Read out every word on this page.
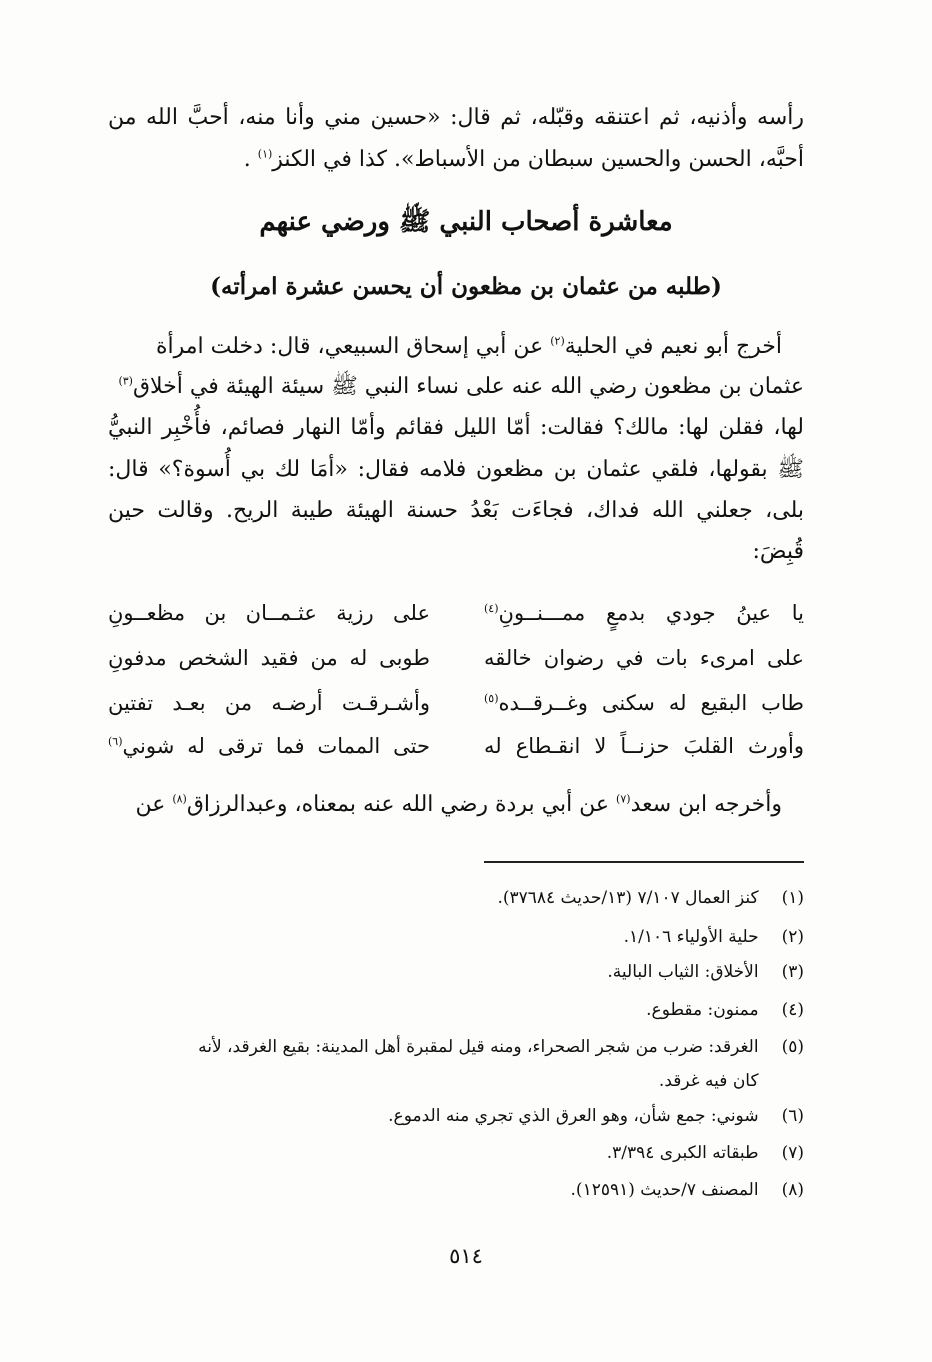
رأسه وأذنيه، ثم اعتنقه وقبّله، ثم قال: «حسين مني وأنا منه، أحبَّ الله من
أحبَّه، الحسن والحسين سبطان من الأسباط». كذا في الكنز$^{(١)}$ .
معاشرة أصحاب النبي ﷺ ورضي عنهم
(طلبه من عثمان بن مظعون أن يحسن عشرة امرأته)
أخرج أبو نعيم في الحلية$^{(٢)}$ عن أبي إسحاق السبيعي، قال: دخلت امرأة
عثمان بن مظعون رضي الله عنه على نساء النبي ﷺ سيئة الهيئة في أخلاق$^{(٣)}$
لها، فقلن لها: مالك؟ فقالت: أمّا الليل فقائم وأمّا النهار فصائم، فأُخْبِر النبيُّ
ﷺ بقولها، فلقي عثمان بن مظعون فلامه فقال: «أمَا لك بي أُسوة؟» قال:
بلى، جعلني الله فداك، فجاءَت بَعْدُ حسنة الهيئة طيبة الريح. وقالت حين
قُبِضَ:
يا عينُ جودي بدمعٍ ممـــنــونِ$^{(٤)}$
على رزية عثـمــان بن مظعــونِ
على امرىء بات في رضوان خالقه
طوبى له من فقيد الشخص مدفونِ
طاب البقيع له سكنى وغــرقــده$^{(٥)}$
وأشـرقـت أرضـه من بعـد تفتين
وأورث القلبَ حزنــاً لا انقـطاع له
حتى الممات فما ترقى له شوني$^{(٦)}$
وأخرجه ابن سعد$^{(٧)}$ عن أبي بردة رضي الله عنه بمعناه، وعبدالرزاق$^{(٨)}$ عن
(١) كنز العمال ٧/١٠٧ (١٣/حديث ٣٧٦٨٤).
(٢) حلية الأولياء ١/١٠٦.
(٣) الأخلاق: الثياب البالية.
(٤) ممنون: مقطوع.
(٥) الغرقد: ضرب من شجر الصحراء، ومنه قيل لمقبرة أهل المدينة: بقيع الغرقد، لأنه
كان فيه غرقد.
(٦) شوني: جمع شأن، وهو العرق الذي تجري منه الدموع.
(٧) طبقاته الكبرى ٣/٣٩٤.
(٨) المصنف ٧/حديث (١٢٥٩١).
٥١٤
